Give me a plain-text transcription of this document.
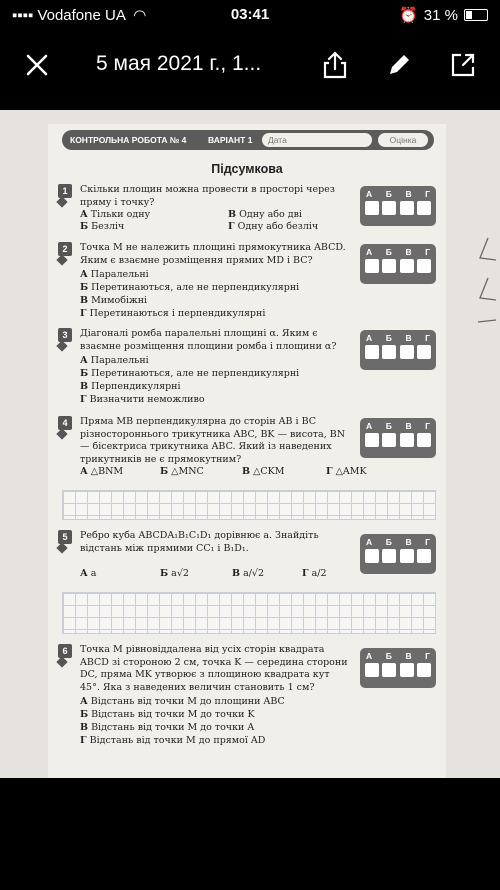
▪▪▪▪ Vodafone UA ◠	03:41	⏰ 31 %
5 мая 2021 г., 1...
КОНТРОЛЬНА РОБОТА № 4	ВАРІАНТ 1 Дата	Оцінка
Підсумкова
1	Скільки площин можна провести в просторі через пряму і точку?
А Тільки одну
Б Безліч
В Одну або дві
Г Одну або безліч
А Б В Г
2	Точка M не належить площині прямокутника ABCD. Яким є взаємне розміщення прямих MD і BC?
А Паралельні
Б Перетинаються, але не перпендикулярні
В Мимобіжні
Г Перетинаються і перпендикулярні
А Б В Г
3	Діагоналі ромба паралельні площині α. Яким є взаємне розміщення площини ромба і площини α?
А Паралельні
Б Перетинаються, але не перпендикулярні
В Перпендикулярні
Г Визначити неможливо
А Б В Г
4	Пряма MB перпендикулярна до сторін AB і BC різностороннього трикутника ABC, BK — висота, BN — бісектриса трикутника ABC. Який із наведених трикутників не є прямокутним?
А △BNM	Б △MNC	В △CKM	Г △AMK
А Б В Г
5	Ребро куба ABCDA₁B₁C₁D₁ дорівнює a. Знайдіть відстань між прямими CC₁ і B₁D₁.
А a	Б a√2	В a/√2	Г a/2
А Б В Г
6	Точка M рівновіддалена від усіх сторін квадрата ABCD зі стороною 2 см, точка K — середина сторони DC, пряма MK утворює з площиною квадрата кут 45°. Яка з наведених величин становить 1 см?
А Відстань від точки M до площини ABC
Б Відстань від точки M до точки K
В Відстань від точки M до точки A
Г Відстань від точки M до прямої AD
А Б В Г
